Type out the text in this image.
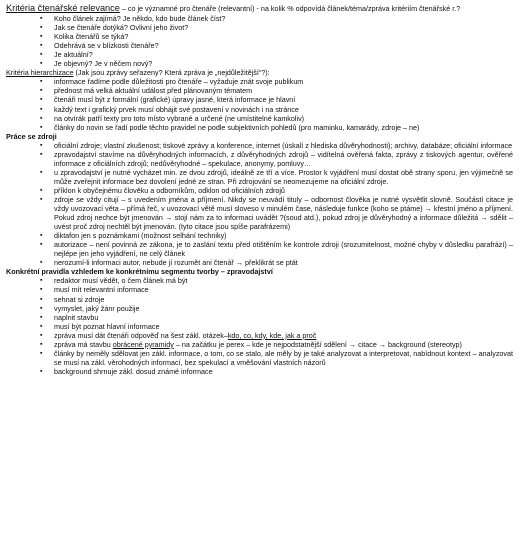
Kritéria čtenářské relevance – co je významné pro čtenáře (relevantní) - na kolik % odpovídá článek/téma/zpráva kritériím čtenářské r.?

▪ Koho článek zajímá? Je někdo, kdo bude článek číst?
▪ Jak se čtenáře dotýká? Ovlivní jeho život?
▪ Kolika čtenářů se týká?
▪ Odehrává se v blízkosti čtenáře?
▪ Je aktuální?
▪ Je objevný? Je v něčem nový?

Kritéria hierarchizace (Jak jsou zprávy seřazeny? Která zpráva je „nejdůležitější“?):

▪ informace řadíme podle důležitosti pro čtenáře – vyžaduje znát svoje publikum
▪ přednost má velká aktuální událost před plánovaným tématem
▪ čtenáři musí být z formální (grafické) úpravy jasné, která informace je hlavní
▪ každý text i grafický prvek musí obhájit své postavení v novinách i na stránce
▪ na otvírák patří texty pro toto místo vybrané a určené (ne umístitelné kamkoliv)
▪ články do novin se řadí podle těchto pravidel ne podle subjektivních pohledů (pro maminku, kamarády, zdroje – ne)

Práce se zdroji

▪ oficiální zdroje; vlastní zkušenost; tiskové zprávy a konference, internet (úskalí z hlediska důvěryhodnosti); archivy, databáze; oficiální informace
▪ zpravodajství stavíme na důvěryhodných informacích, z důvěryhodných zdrojů – vidítelná ověřená fakta, zprávy z tiskových agentur, ověřené informace z oficiálních zdrojů; nedůvěryhodné – spekulace, anonymy, pomluvy…
▪ u zpravodajství je nutné vycházet min. ze dvou zdrojů, ideálně ze tří a více. Prostor k vyjádření musí dostat obě strany sporu, jen výjimečně se může zveřejnit informace bez dovolení jedné ze stran. Při zdrojování se neomezujeme na oficiální zdroje.
▪ příklon k obyčejnému člověku a odborníkům, odklon od oficiálních zdrojů
▪ zdroje se vždy citují – s uvedením jména a příjmení. Nikdy se neuvádí tituly – odbornost člověka je nutné vysvětlit slovně. Součástí citace je vždy uvozovací věta – přímá řeč, v uvozovací větě musí sloveso v minulém čase, následuje funkce (koho se ptáme) → křestní jméno a příjmení. Pokud zdroj nechce být jmenován → stojí nám za to informaci uvádět ?(soud atd.), pokud zdroj je důvěryhodný a informace důležitá → sdělit – uvést proč zdroj nechtěl být jmenován. (tyto citace jsou spíše parafrázemi)
▪ diktafon jen s poznámkami (možnost selhání techniky)
▪ autorizace – není povinná ze zákona, je to zaslání textu před otištěním ke kontrole zdroji (srozumitelnost, možné chyby v důsledku parafrází) – nejlépe jen jeho vyjádření, ne celý článek
▪ nerozumí-li informaci autor, nebude jí rozumět ani čtenář → překlikrát se ptát

Konkrétní pravidla vzhledem ke konkrétnímu segmentu tvorby – zpravodajství

▪ redaktor musí vědět, o čem článek má být
▪ musí mít relevantní informace
▪ sehnat si zdroje
▪ vymyslet, jaký žánr použije
▪ naplnit stavbu
▪ musí být poznat hlavní informace
▪ zpráva musí dát čtenáři odpověď na šest zákl. otázek–kdo, co, kdy, kde, jak a proč
▪ zpráva má stavbu obrácené pyramidy – na začátku je perex – kde je nejpodstatnější sdělení → citace → background (stereotyp)
▪ články by neměly sdělovat jen zákl. informace, o tom, co se stalo, ale měly by je také analyzovat a interpretovat, nabídnout kontext – analyzovat se musí na zákl. věrohodných informací, bez spekulací a vměšování vlastních názorů
▪ background shrnuje zákl. dosud známé informace
